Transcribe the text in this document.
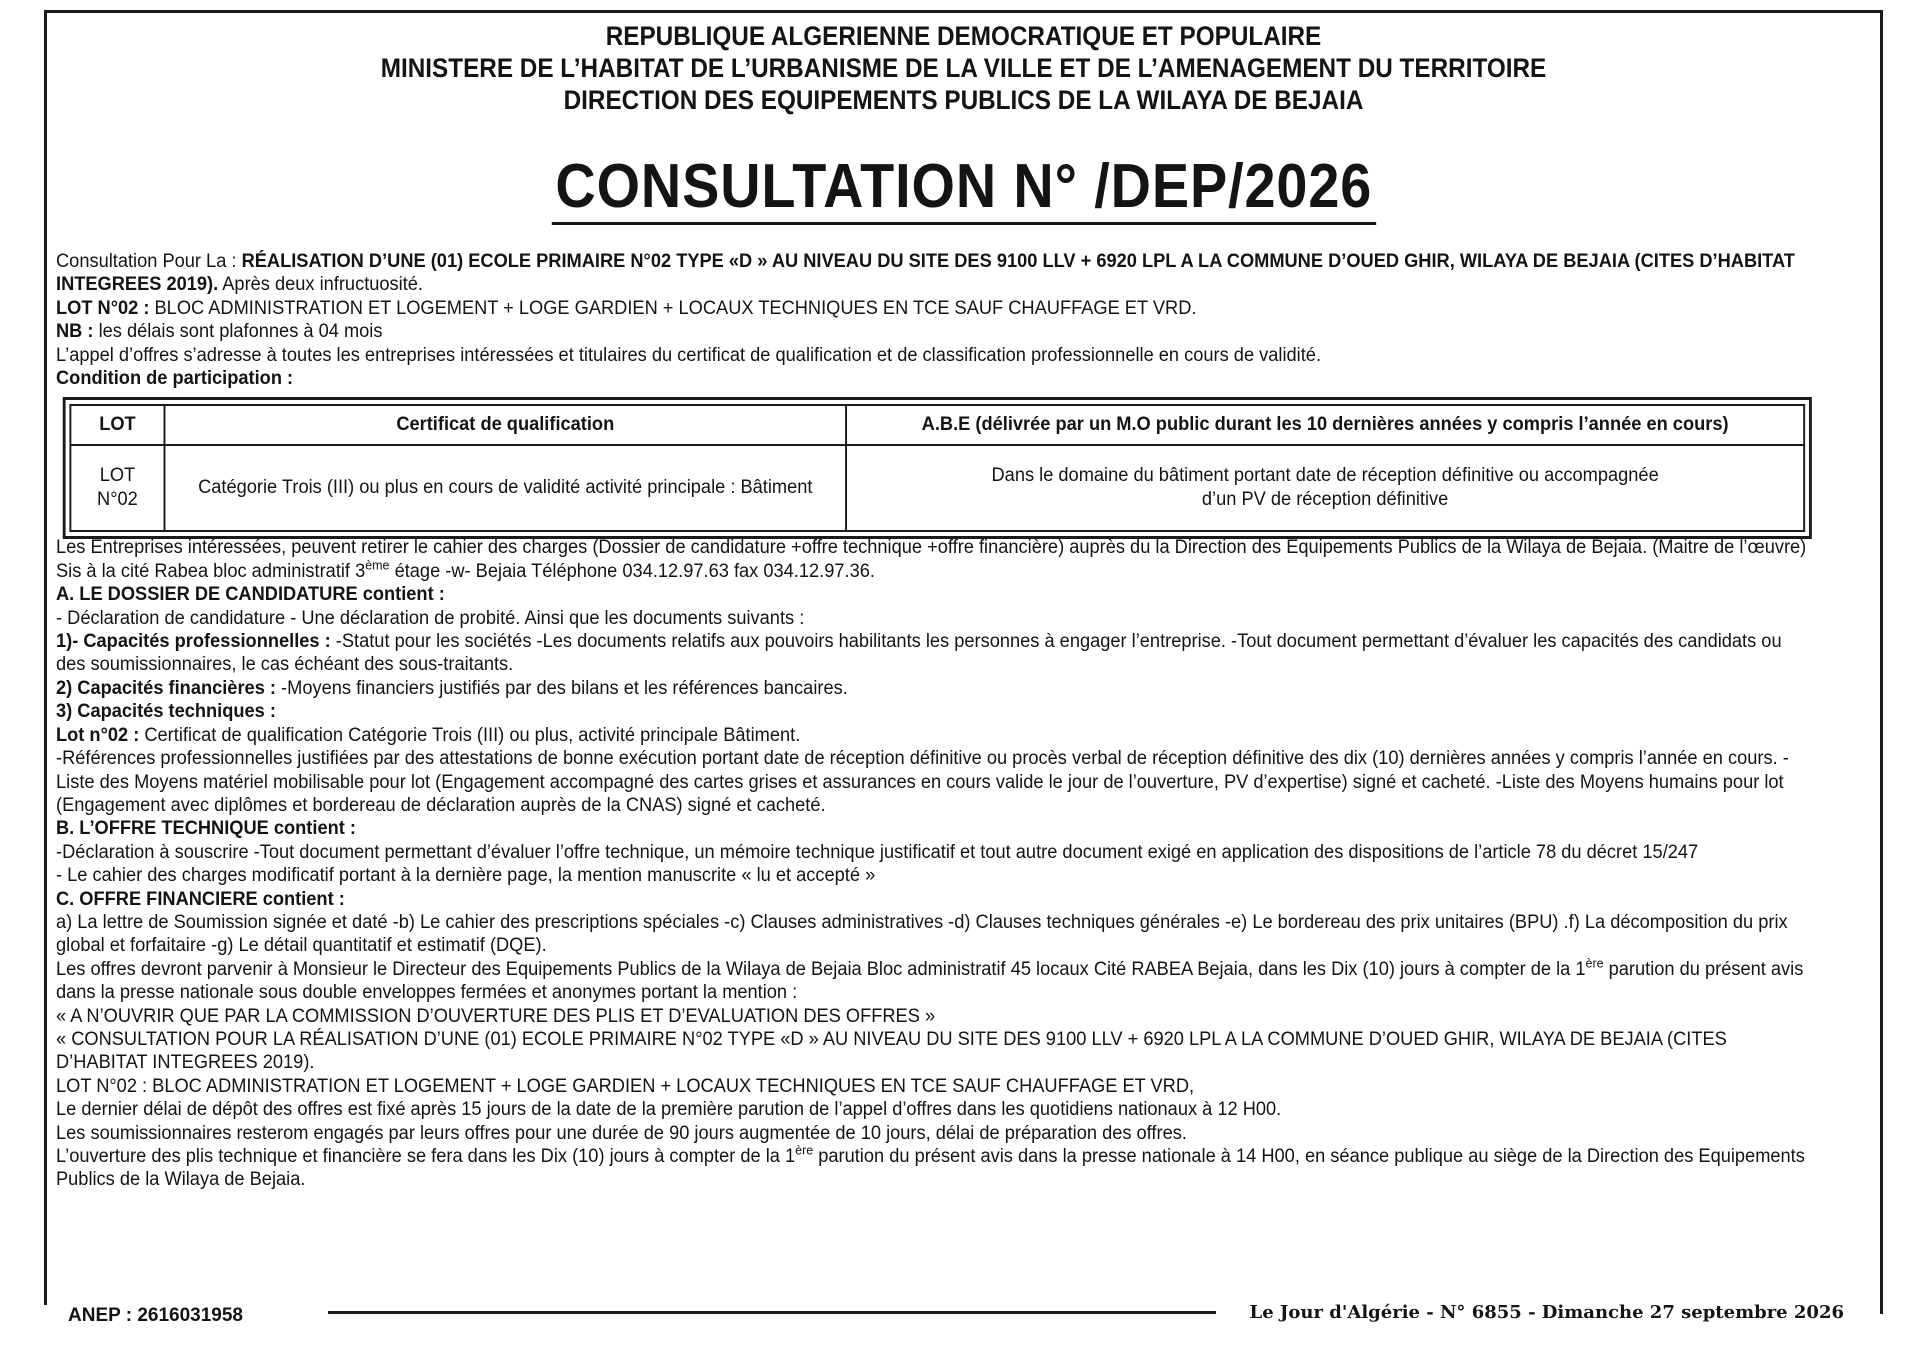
REPUBLIQUE ALGERIENNE DEMOCRATIQUE ET POPULAIRE
MINISTERE DE L’HABITAT DE L’URBANISME DE LA VILLE ET DE L’AMENAGEMENT DU TERRITOIRE
DIRECTION DES EQUIPEMENTS PUBLICS DE LA WILAYA DE BEJAIA
CONSULTATION N° /DEP/2026

Consultation Pour La : RÉALISATION D’UNE (01) ECOLE PRIMAIRE N°02 TYPE «D » AU NIVEAU DU SITE DES 9100 LLV + 6920 LPL A LA COMMUNE D’OUED GHIR, WILAYA DE BEJAIA (CITES D’HABITAT INTEGREES 2019). Après deux infructuosité.

LOT N°02 : BLOC ADMINISTRATION ET LOGEMENT + LOGE GARDIEN + LOCAUX TECHNIQUES EN TCE SAUF CHAUFFAGE ET VRD.

NB : les délais sont plafonnes à 04 mois

L’appel d’offres s’adresse à toutes les entreprises intéressées et titulaires du certificat de qualification et de classification professionnelle en cours de validité.

Condition de participation :

LOT	Certificat de qualification	A.B.E (délivrée par un M.O public durant les 10 dernières années y compris l’année en cours)
LOT N°02	Catégorie Trois (III) ou plus en cours de validité activité principale : Bâtiment	Dans le domaine du bâtiment portant date de réception définitive ou accompagnée
d’un PV de réception définitive

Les Entreprises intéressées, peuvent retirer le cahier des charges (Dossier de candidature +offre technique +offre financière) auprès du la Direction des Equipements Publics de la Wilaya de Bejaia. (Maitre de l’œuvre) Sis à la cité Rabea bloc administratif 3ème étage -w- Bejaia Téléphone 034.12.97.63 fax 034.12.97.36.

A. LE DOSSIER DE CANDIDATURE contient :

- Déclaration de candidature - Une déclaration de probité. Ainsi que les documents suivants :

1)- Capacités professionnelles : -Statut pour les sociétés -Les documents relatifs aux pouvoirs habilitants les personnes à engager l’entreprise. -Tout document permettant d’évaluer les capacités des candidats ou des soumissionnaires, le cas échéant des sous-traitants.

2) Capacités financières : -Moyens financiers justifiés par des bilans et les références bancaires.

3) Capacités techniques :

Lot n°02 : Certificat de qualification Catégorie Trois (III) ou plus, activité principale Bâtiment.

-Références professionnelles justifiées par des attestations de bonne exécution portant date de réception définitive ou procès verbal de réception définitive des dix (10) dernières années y compris l’année en cours. - Liste des Moyens matériel mobilisable pour lot (Engagement accompagné des cartes grises et assurances en cours valide le jour de l’ouverture, PV d’expertise) signé et cacheté. -Liste des Moyens humains pour lot (Engagement avec diplômes et bordereau de déclaration auprès de la CNAS) signé et cacheté.

B. L’OFFRE TECHNIQUE contient :

-Déclaration à souscrire -Tout document permettant d’évaluer l’offre technique, un mémoire technique justificatif et tout autre document exigé en application des dispositions de l’article 78 du décret 15/247

- Le cahier des charges modificatif portant à la dernière page, la mention manuscrite « lu et accepté »

C. OFFRE FINANCIERE contient :

a) La lettre de Soumission signée et daté -b) Le cahier des prescriptions spéciales -c) Clauses administratives -d) Clauses techniques générales -e) Le bordereau des prix unitaires (BPU) .f) La décomposition du prix global et forfaitaire -g) Le détail quantitatif et estimatif (DQE).

Les offres devront parvenir à Monsieur le Directeur des Equipements Publics de la Wilaya de Bejaia Bloc administratif 45 locaux Cité RABEA Bejaia, dans les Dix (10) jours à compter de la 1ère parution du présent avis dans la presse nationale sous double enveloppes fermées et anonymes portant la mention :

« A N’OUVRIR QUE PAR LA COMMISSION D’OUVERTURE DES PLIS ET D’EVALUATION DES OFFRES »

« CONSULTATION POUR LA RÉALISATION D’UNE (01) ECOLE PRIMAIRE N°02 TYPE «D » AU NIVEAU DU SITE DES 9100 LLV + 6920 LPL A LA COMMUNE D’OUED GHIR, WILAYA DE BEJAIA (CITES D’HABITAT INTEGREES 2019).

LOT N°02 : BLOC ADMINISTRATION ET LOGEMENT + LOGE GARDIEN + LOCAUX TECHNIQUES EN TCE SAUF CHAUFFAGE ET VRD,

Le dernier délai de dépôt des offres est fixé après 15 jours de la date de la première parution de l’appel d’offres dans les quotidiens nationaux à 12 H00.

Les soumissionnaires resterom engagés par leurs offres pour une durée de 90 jours augmentée de 10 jours, délai de préparation des offres.

L’ouverture des plis technique et financière se fera dans les Dix (10) jours à compter de la 1ère parution du présent avis dans la presse nationale à 14 H00, en séance publique au siège de la Direction des Equipements Publics de la Wilaya de Bejaia.

ANEP : 2616031958	Le Jour d'Algérie - N° 6855 - Dimanche 27 septembre 2026
